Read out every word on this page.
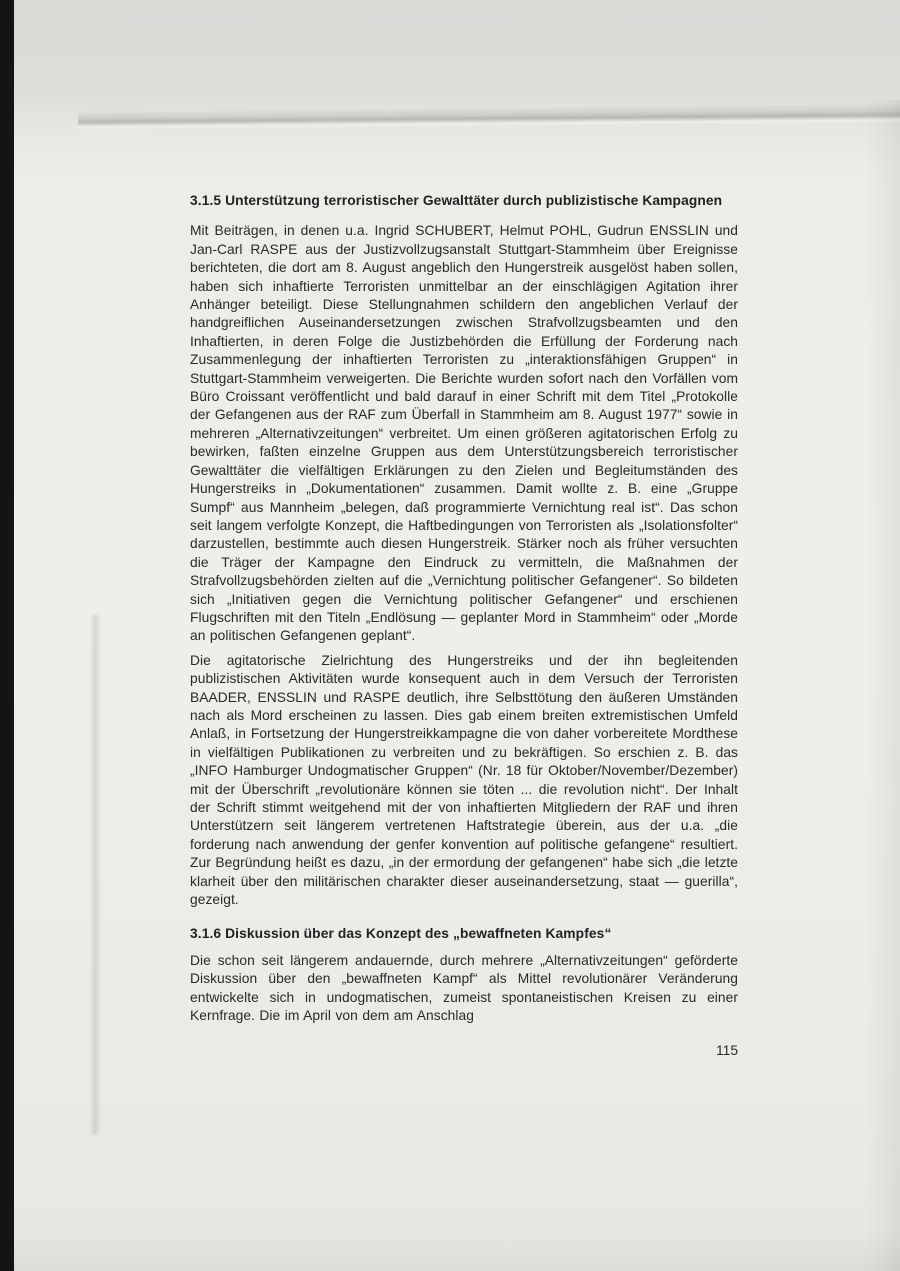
3.1.5 Unterstützung terroristischer Gewalttäter durch publizistische Kampagnen

Mit Beiträgen, in denen u.a. Ingrid SCHUBERT, Helmut POHL, Gudrun ENSSLIN und Jan-Carl RASPE aus der Justizvollzugsanstalt Stuttgart-Stammheim über Ereignisse berichteten, die dort am 8. August angeblich den Hungerstreik ausgelöst haben sollen, haben sich inhaftierte Terroristen unmittelbar an der einschlägigen Agitation ihrer Anhänger beteiligt. Diese Stellungnahmen schildern den angeblichen Verlauf der handgreiflichen Auseinandersetzungen zwischen Strafvollzugsbeamten und den Inhaftierten, in deren Folge die Justizbehörden die Erfüllung der Forderung nach Zusammenlegung der inhaftierten Terroristen zu „interaktionsfähigen Gruppen“ in Stuttgart-Stammheim verweigerten. Die Berichte wurden sofort nach den Vorfällen vom Büro Croissant veröffentlicht und bald darauf in einer Schrift mit dem Titel „Protokolle der Gefangenen aus der RAF zum Überfall in Stammheim am 8. August 1977“ sowie in mehreren „Alternativzeitungen“ verbreitet. Um einen größeren agitatorischen Erfolg zu bewirken, faßten einzelne Gruppen aus dem Unterstützungsbereich terroristischer Gewalttäter die vielfältigen Erklärungen zu den Zielen und Begleitumständen des Hungerstreiks in „Dokumentationen“ zusammen. Damit wollte z. B. eine „Gruppe Sumpf“ aus Mannheim „belegen, daß programmierte Vernichtung real ist“. Das schon seit langem verfolgte Konzept, die Haftbedingungen von Terroristen als „Isolationsfolter“ darzustellen, bestimmte auch diesen Hungerstreik. Stärker noch als früher versuchten die Träger der Kampagne den Eindruck zu vermitteln, die Maßnahmen der Strafvollzugsbehörden zielten auf die „Vernichtung politischer Gefangener“. So bildeten sich „Initiativen gegen die Vernichtung politischer Gefangener“ und erschienen Flugschriften mit den Titeln „Endlösung — geplanter Mord in Stammheim“ oder „Morde an politischen Gefangenen geplant“.

Die agitatorische Zielrichtung des Hungerstreiks und der ihn begleitenden publizistischen Aktivitäten wurde konsequent auch in dem Versuch der Terroristen BAADER, ENSSLIN und RASPE deutlich, ihre Selbsttötung den äußeren Umständen nach als Mord erscheinen zu lassen. Dies gab einem breiten extremistischen Umfeld Anlaß, in Fortsetzung der Hungerstreikkampagne die von daher vorbereitete Mordthese in vielfältigen Publikationen zu verbreiten und zu bekräftigen. So erschien z. B. das „INFO Hamburger Undogmatischer Gruppen“ (Nr. 18 für Oktober/November/Dezember) mit der Überschrift „revolutionäre können sie töten ... die revolution nicht“. Der Inhalt der Schrift stimmt weitgehend mit der von inhaftierten Mitgliedern der RAF und ihren Unterstützern seit längerem vertretenen Haftstrategie überein, aus der u.a. „die forderung nach anwendung der genfer konvention auf politische gefangene“ resultiert. Zur Begründung heißt es dazu, „in der ermordung der gefangenen“ habe sich „die letzte klarheit über den militärischen charakter dieser auseinandersetzung, staat — guerilla“, gezeigt.

3.1.6 Diskussion über das Konzept des „bewaffneten Kampfes“

Die schon seit längerem andauernde, durch mehrere „Alternativzeitungen“ geförderte Diskussion über den „bewaffneten Kampf“ als Mittel revolutionärer Veränderung entwickelte sich in undogmatischen, zumeist spontaneistischen Kreisen zu einer Kernfrage. Die im April von dem am Anschlag

115
